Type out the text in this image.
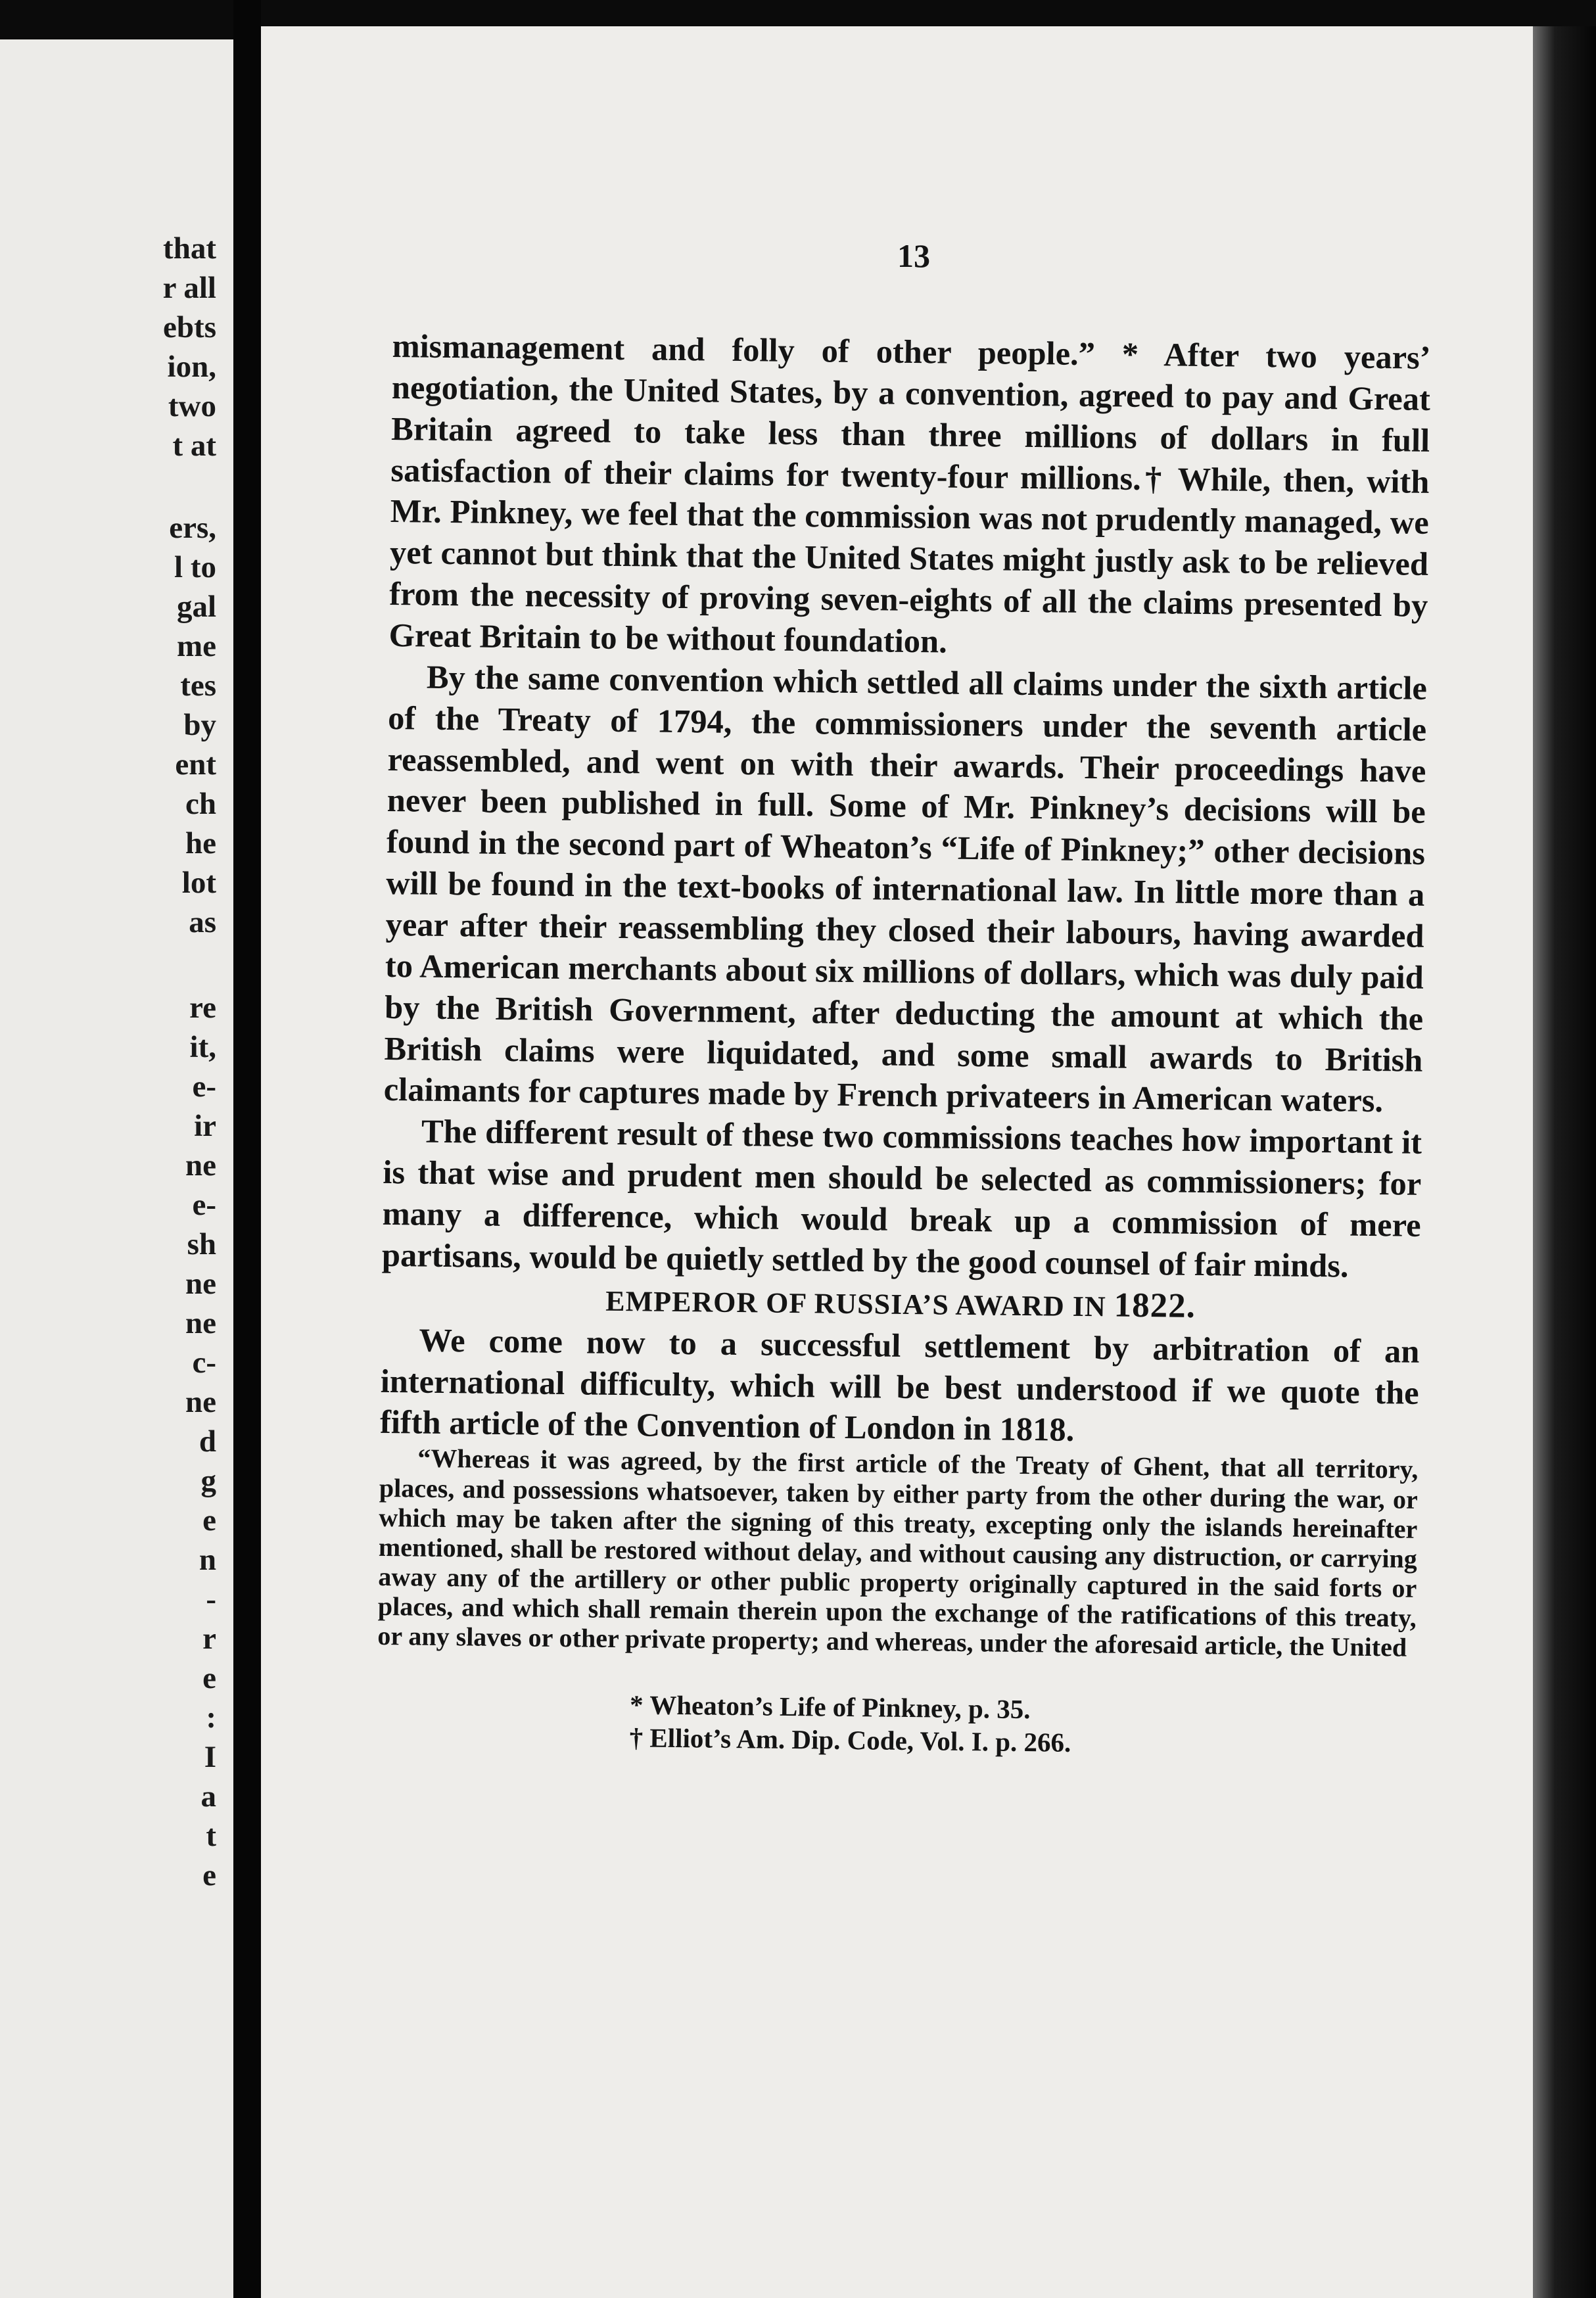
that
r all
ebts
ion,
two
t at
ers,
l to
gal
me
tes
by
ent
ch
he
lot
as
re
it,
e-
ir
ne
e-
sh
ne
ne
c-
ne
d
g
e
n
-
r
e
:
I
a
t
e
13

mismanagement and folly of other people.” * After two years’ negotiation, the United States, by a convention, agreed to pay and Great Britain agreed to take less than three millions of dollars in full satisfaction of their claims for twenty-four millions.† While, then, with Mr. Pinkney, we feel that the commission was not prudently managed, we yet cannot but think that the United States might justly ask to be relieved from the necessity of proving seven-eights of all the claims presented by Great Britain to be without foundation.

By the same convention which settled all claims under the sixth article of the Treaty of 1794, the commissioners under the seventh article reassembled, and went on with their awards. Their proceedings have never been published in full. Some of Mr. Pinkney’s decisions will be found in the second part of Wheaton’s “Life of Pinkney;” other decisions will be found in the text-books of international law. In little more than a year after their reassembling they closed their labours, having awarded to American merchants about six millions of dollars, which was duly paid by the British Government, after deducting the amount at which the British claims were liquidated, and some small awards to British claimants for captures made by French privateers in American waters.

The different result of these two commissions teaches how important it is that wise and prudent men should be selected as commissioners; for many a difference, which would break up a commission of mere partisans, would be quietly settled by the good counsel of fair minds.

EMPEROR OF RUSSIA’S AWARD IN 1822.

We come now to a successful settlement by arbitration of an international difficulty, which will be best understood if we quote the fifth article of the Convention of London in 1818.

“Whereas it was agreed, by the first article of the Treaty of Ghent, that all territory, places, and possessions whatsoever, taken by either party from the other during the war, or which may be taken after the signing of this treaty, excepting only the islands hereinafter mentioned, shall be restored without delay, and without causing any distruction, or carrying away any of the artillery or other public property originally captured in the said forts or places, and which shall remain therein upon the exchange of the ratifications of this treaty, or any slaves or other private property; and whereas, under the aforesaid article, the United

* Wheaton’s Life of Pinkney, p. 35.
† Elliot’s Am. Dip. Code, Vol. I. p. 266.
